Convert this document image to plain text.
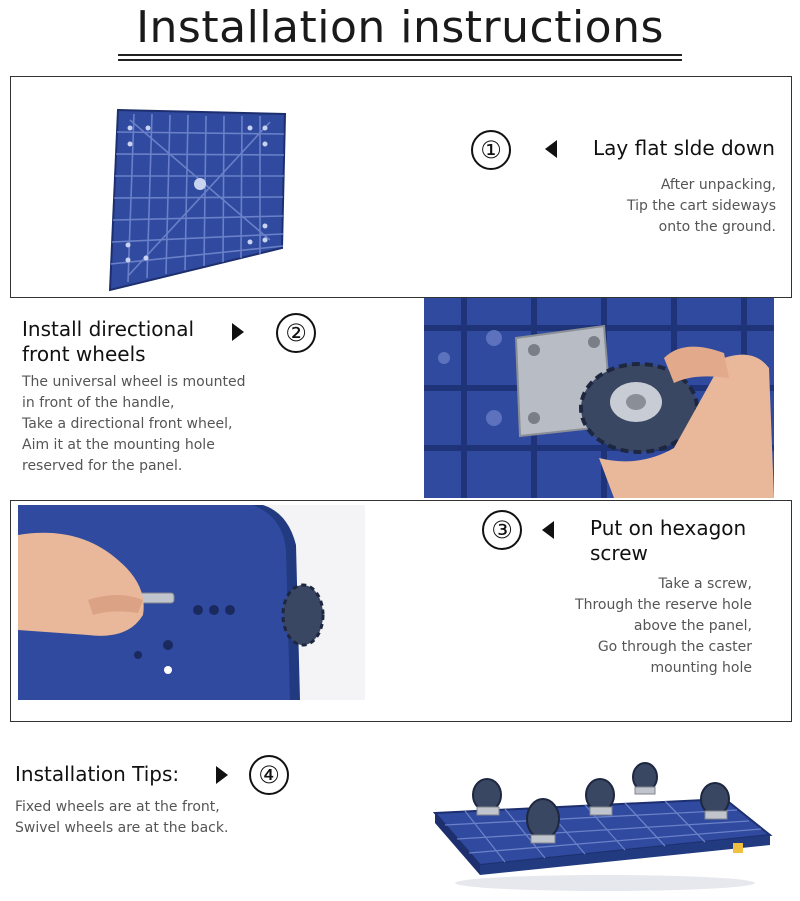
Installation instructions
①	Lay flat slde down
After unpacking,
Tip the cart sideways
onto the ground.
Install directional
front wheels
②
The universal wheel is mounted
in front of the handle,
Take a directional front wheel,
Aim it at the mounting hole
reserved for the panel.
③	Put on hexagon
screw
Take a screw,
Through the reserve hole
above the panel,
Go through the caster
mounting hole
Installation Tips:	④
Fixed wheels are at the front,
Swivel wheels are at the back.
